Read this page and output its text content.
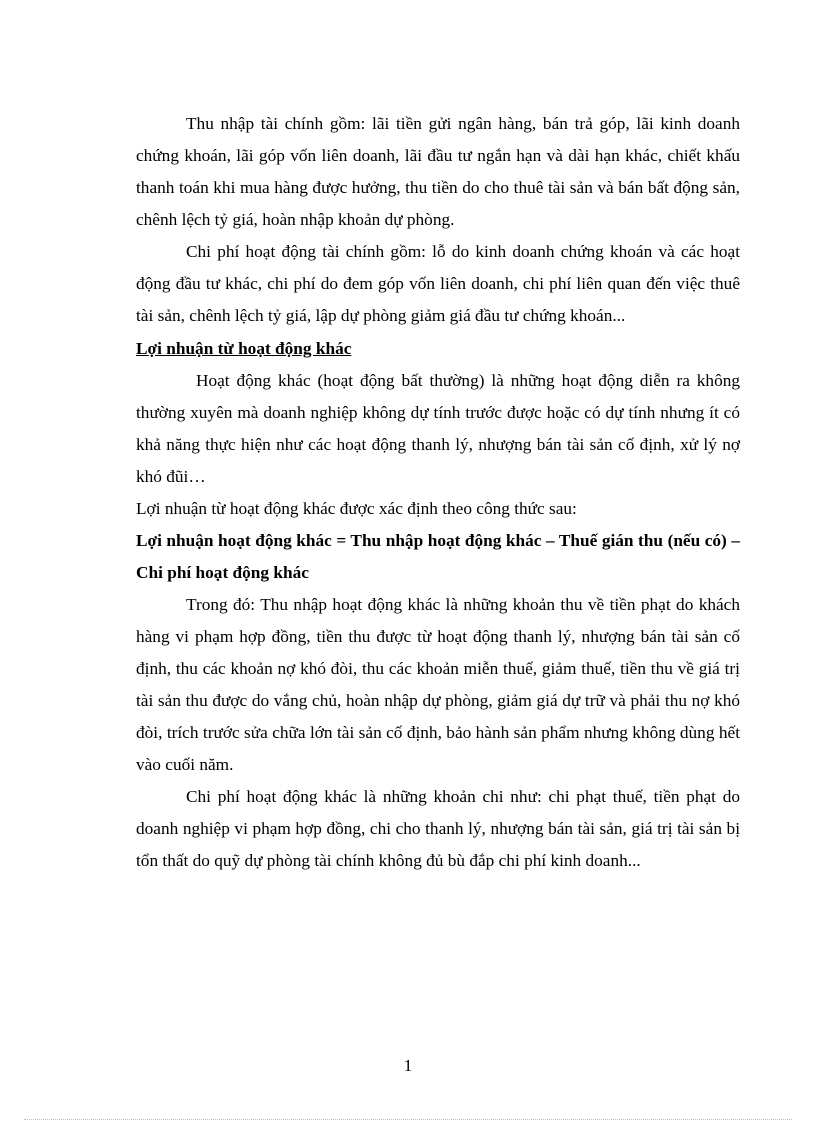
Thu nhập tài chính gồm: lãi tiền gửi ngân hàng, bán trả góp, lãi kinh doanh chứng khoán, lãi góp vốn liên doanh, lãi đầu tư ngắn hạn và dài hạn khác, chiết khấu thanh toán khi mua hàng được hưởng, thu tiền do cho thuê tài sản và bán bất động sản, chênh lệch tỷ giá, hoàn nhập khoản dự phòng.

Chi phí hoạt động tài chính gồm: lỗ do kinh doanh chứng khoán và các hoạt động đầu tư khác, chi phí do đem góp vốn liên doanh, chi phí liên quan đến việc thuê tài sản, chênh lệch tỷ giá, lập dự phòng giảm giá đầu tư chứng khoán...

Lợi nhuận từ hoạt động khác

Hoạt động khác (hoạt động bất thường) là những hoạt động diễn ra không thường xuyên mà doanh nghiệp không dự tính trước được hoặc có dự tính nhưng ít có khả năng thực hiện như các hoạt động thanh lý, nhượng bán tài sản cố định, xử lý nợ khó đũi…

Lợi nhuận từ hoạt động khác được xác định theo công thức sau:

Lợi nhuận hoạt động khác = Thu nhập hoạt động khác – Thuế gián thu (nếu có) – Chi phí hoạt động khác

Trong đó: Thu nhập hoạt động khác là những khoản thu về tiền phạt do khách hàng vi phạm hợp đồng, tiền thu được từ hoạt động thanh lý, nhượng bán tài sản cố định, thu các khoản nợ khó đòi, thu các khoản miễn thuế, giảm thuế, tiền thu về giá trị tài sản thu được do vắng chủ, hoàn nhập dự phòng, giảm giá dự trữ và phải thu nợ khó đòi, trích trước sửa chữa lớn tài sản cố định, bảo hành sản phẩm nhưng không dùng hết vào cuối năm.

Chi phí hoạt động khác là những khoản chi như: chi phạt thuế, tiền phạt do doanh nghiệp vi phạm hợp đồng, chi cho thanh lý, nhượng bán tài sản, giá trị tài sản bị tổn thất do quỹ dự phòng tài chính không đủ bù đắp chi phí kinh doanh...

1
